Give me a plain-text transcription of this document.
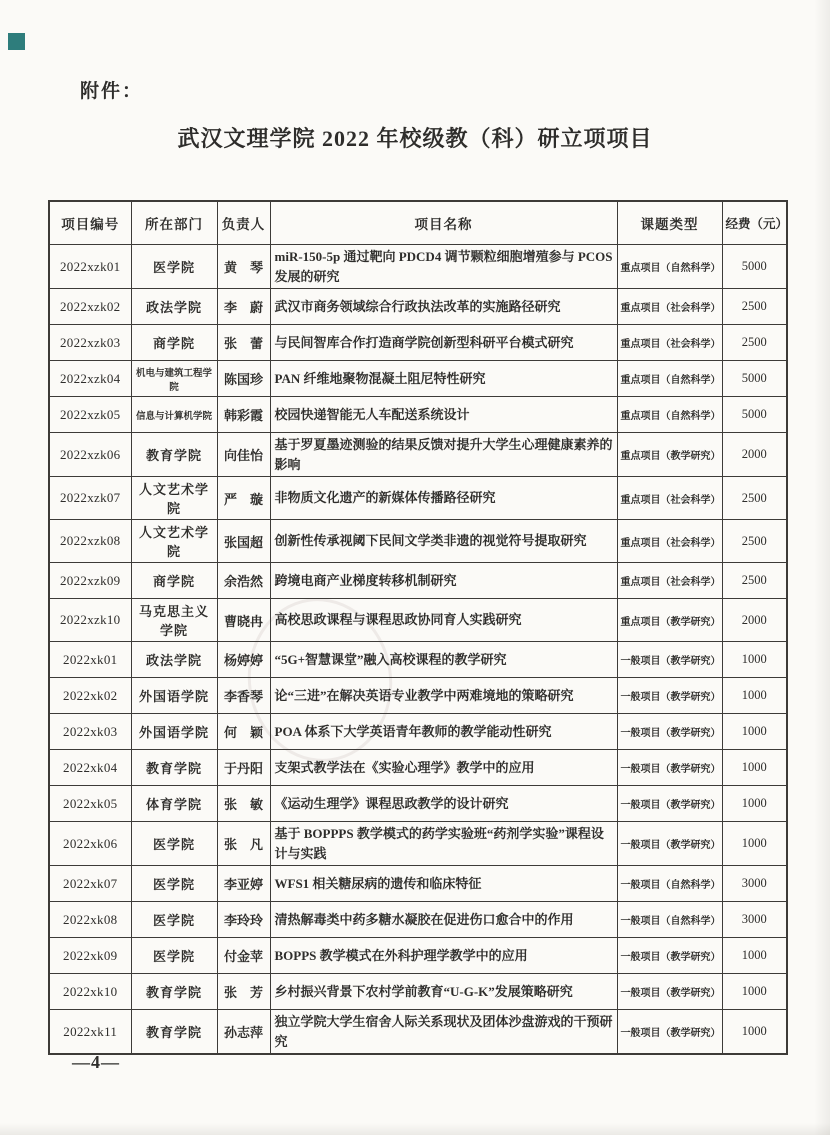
附件：
武汉文理学院 2022 年校级教（科）研立项项目
项目编号	所在部门	负责人	项目名称	课题类型	经费（元）
2022xzk01	医学院	黄　琴	miR-150-5p 通过靶向 PDCD4 调节颗粒细胞增殖参与 PCOS 发展的研究	重点项目（自然科学）	5000
2022xzk02	政法学院	李　蔚	武汉市商务领域综合行政执法改革的实施路径研究	重点项目（社会科学）	2500
2022xzk03	商学院	张　蕾	与民间智库合作打造商学院创新型科研平台模式研究	重点项目（社会科学）	2500
2022xzk04	机电与建筑工程学院	陈国珍	PAN 纤维地聚物混凝土阻尼特性研究	重点项目（自然科学）	5000
2022xzk05	信息与计算机学院	韩彩霞	校园快递智能无人车配送系统设计	重点项目（自然科学）	5000
2022xzk06	教育学院	向佳怡	基于罗夏墨迹测验的结果反馈对提升大学生心理健康素养的影响	重点项目（教学研究）	2000
2022xzk07	人文艺术学院	严　璇	非物质文化遗产的新媒体传播路径研究	重点项目（社会科学）	2500
2022xzk08	人文艺术学院	张国超	创新性传承视阈下民间文学类非遗的视觉符号提取研究	重点项目（社会科学）	2500
2022xzk09	商学院	余浩然	跨境电商产业梯度转移机制研究	重点项目（社会科学）	2500
2022xzk10	马克思主义学院	曹晓冉	高校思政课程与课程思政协同育人实践研究	重点项目（教学研究）	2000
2022xk01	政法学院	杨婷婷	“5G+智慧课堂”融入高校课程的教学研究	一般项目（教学研究）	1000
2022xk02	外国语学院	李香琴	论“三进”在解决英语专业教学中两难境地的策略研究	一般项目（教学研究）	1000
2022xk03	外国语学院	何　颖	POA 体系下大学英语青年教师的教学能动性研究	一般项目（教学研究）	1000
2022xk04	教育学院	于丹阳	支架式教学法在《实验心理学》教学中的应用	一般项目（教学研究）	1000
2022xk05	体育学院	张　敏	《运动生理学》课程思政教学的设计研究	一般项目（教学研究）	1000
2022xk06	医学院	张　凡	基于 BOPPPS 教学模式的药学实验班“药剂学实验”课程设计与实践	一般项目（教学研究）	1000
2022xk07	医学院	李亚婷	WFS1 相关糖尿病的遗传和临床特征	一般项目（自然科学）	3000
2022xk08	医学院	李玲玲	清热解毒类中药多糖水凝胶在促进伤口愈合中的作用	一般项目（自然科学）	3000
2022xk09	医学院	付金苹	BOPPS 教学模式在外科护理学教学中的应用	一般项目（教学研究）	1000
2022xk10	教育学院	张　芳	乡村振兴背景下农村学前教育“U-G-K”发展策略研究	一般项目（教学研究）	1000
2022xk11	教育学院	孙志萍	独立学院大学生宿舍人际关系现状及团体沙盘游戏的干预研究	一般项目（教学研究）	1000
—4—
